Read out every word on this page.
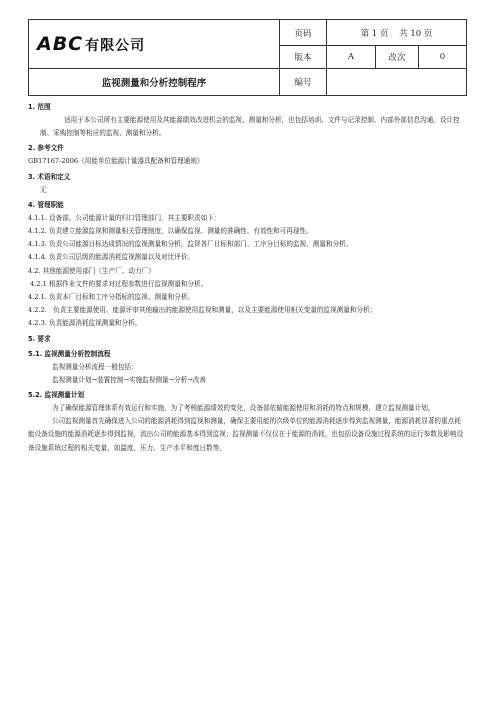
ABC 有限公司	页码	第 1 页    共 10 页		
	版本	A	改次	0
监视测量和分析控制程序	编号			

1. 范围

适用于本公司所有主要能源使用及其能源绩效改进机会的监视、测量和分析，也包括培训、文件与记录控制、内部外部信息沟通、设计控制、采购控制等相应的监视、测量和分析。

2. 参考文件

GB17167-2006《用能单位能源计量器具配备和管理通则》

3. 术语和定义

无

4. 管理职能

4.1.1. 设备部，公司能源计量的归口管理部门，其主要职责如下：

4.1.2. 负责建立能源监视和测量相关管理制度，以确保监视、测量的准确性、有效性和可再现性。

4.1.3. 负责公司能源目标达成情况的监视测量和分析，监督各厂目标和部门、工序分目标的监视、测量和分析。

4.1.4. 负责公司层级的能源消耗监视测量以及对比评价。

4.2. 其他能源使用部门（生产厂、动力厂）

4.2.1 根据作业文件的要求对过程参数进行监视测量和分析。

4.2.1. 负责本厂目标和工序分指标的监视、测量和分析。

4.2.2.   负责主要能源使用、能源评审其他输出的能源使用监视和测量，以及主要能源使用相关变量的监视测量和分析；

4.2.3. 负责能源消耗监视测量和分析。

5. 要求

5.1. 监视测量分析控制流程

监视测量分析流程一般包括：

监视测量计划→装置控制→实施监视测量→分析→改善

5.2. 监视测量计划

为了确保能源管理体系有效运行和实施，为了考核能源绩效的变化，设备部依循能源使用和消耗的特点和规模，建立监视测量计划。

公司监视测量首先确保进入公司的能源消耗得到监视和测量，确保主要用能的次级单位的能源消耗逐步得到监视测量，能源消耗显著的重点耗能设备设施的能源消耗逐步得到监视，流出公司的能源基本得到监视；监视测量不仅仅在于能源的消耗，也包括设备设施过程系统的运行参数及影响设备设施系统过程的相关变量，如温度、压力、生产水平和度日数等。
